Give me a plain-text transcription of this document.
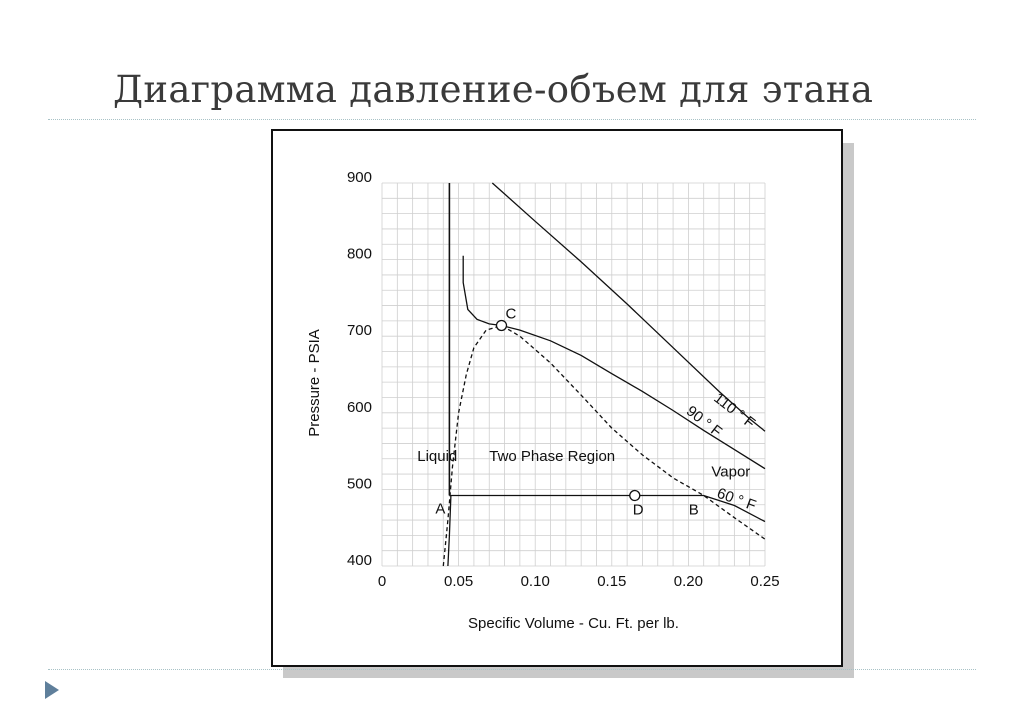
Диаграмма давление-объем для этана
C
D
A	B
0	0.05	0.10	0.15	0.20	0.25
900
800
700
600
500
400
Specific Volume - Cu. Ft. per lb.
Pressure - PSIA
Liquid Two Phase Region
Vapor
110 ° F
90 ° F
60 ° F
